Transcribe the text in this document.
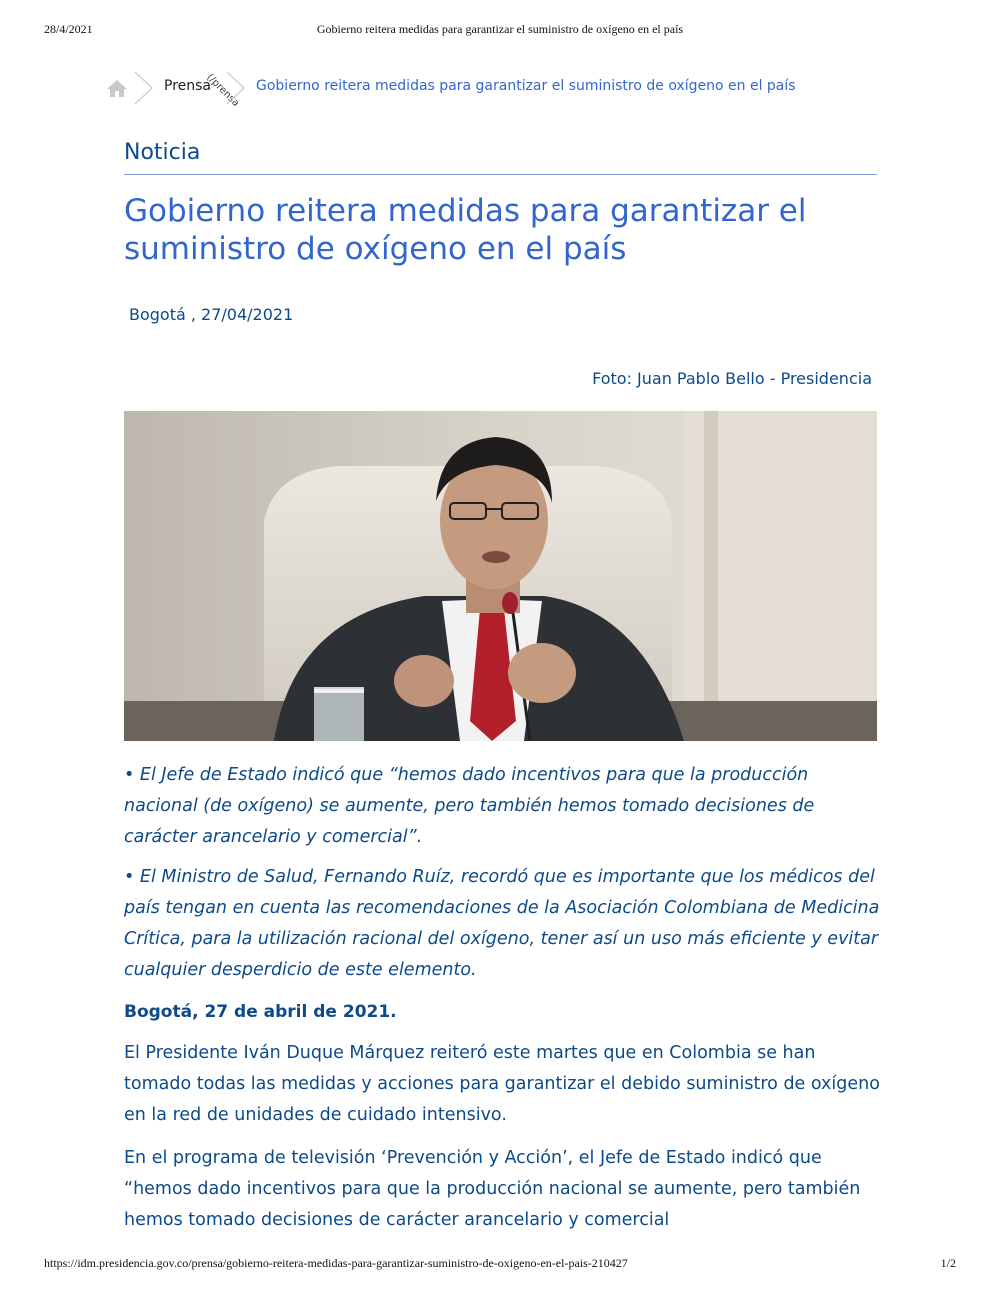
28/4/2021	Gobierno reitera medidas para garantizar el suministro de oxígeno en el país
Prensa
(/prensa Gobierno reitera medidas para garantizar el suministro de oxígeno en el país
Noticia
Gobierno reitera medidas para garantizar el suministro de oxígeno en el país
Bogotá , 27/04/2021
Foto: Juan Pablo Bello - Presidencia

• El Jefe de Estado indicó que “hemos dado incentivos para que la producción nacional (de oxígeno) se aumente, pero también hemos tomado decisiones de carácter arancelario y comercial”.

• El Ministro de Salud, Fernando Ruíz, recordó que es importante que los médicos del país tengan en cuenta las recomendaciones de la Asociación Colombiana de Medicina Crítica, para la utilización racional del oxígeno, tener así un uso más eficiente y evitar cualquier desperdicio de este elemento.

Bogotá, 27 de abril de 2021.

El Presidente Iván Duque Márquez reiteró este martes que en Colombia se han tomado todas las medidas y acciones para garantizar el debido suministro de oxígeno en la red de unidades de cuidado intensivo.

En el programa de televisión ‘Prevención y Acción’, el Jefe de Estado indicó que “hemos dado incentivos para que la producción nacional se aumente, pero también hemos tomado decisiones de carácter arancelario y comercial

https://idm.presidencia.gov.co/prensa/gobierno-reitera-medidas-para-garantizar-suministro-de-oxigeno-en-el-pais-210427	1/2
